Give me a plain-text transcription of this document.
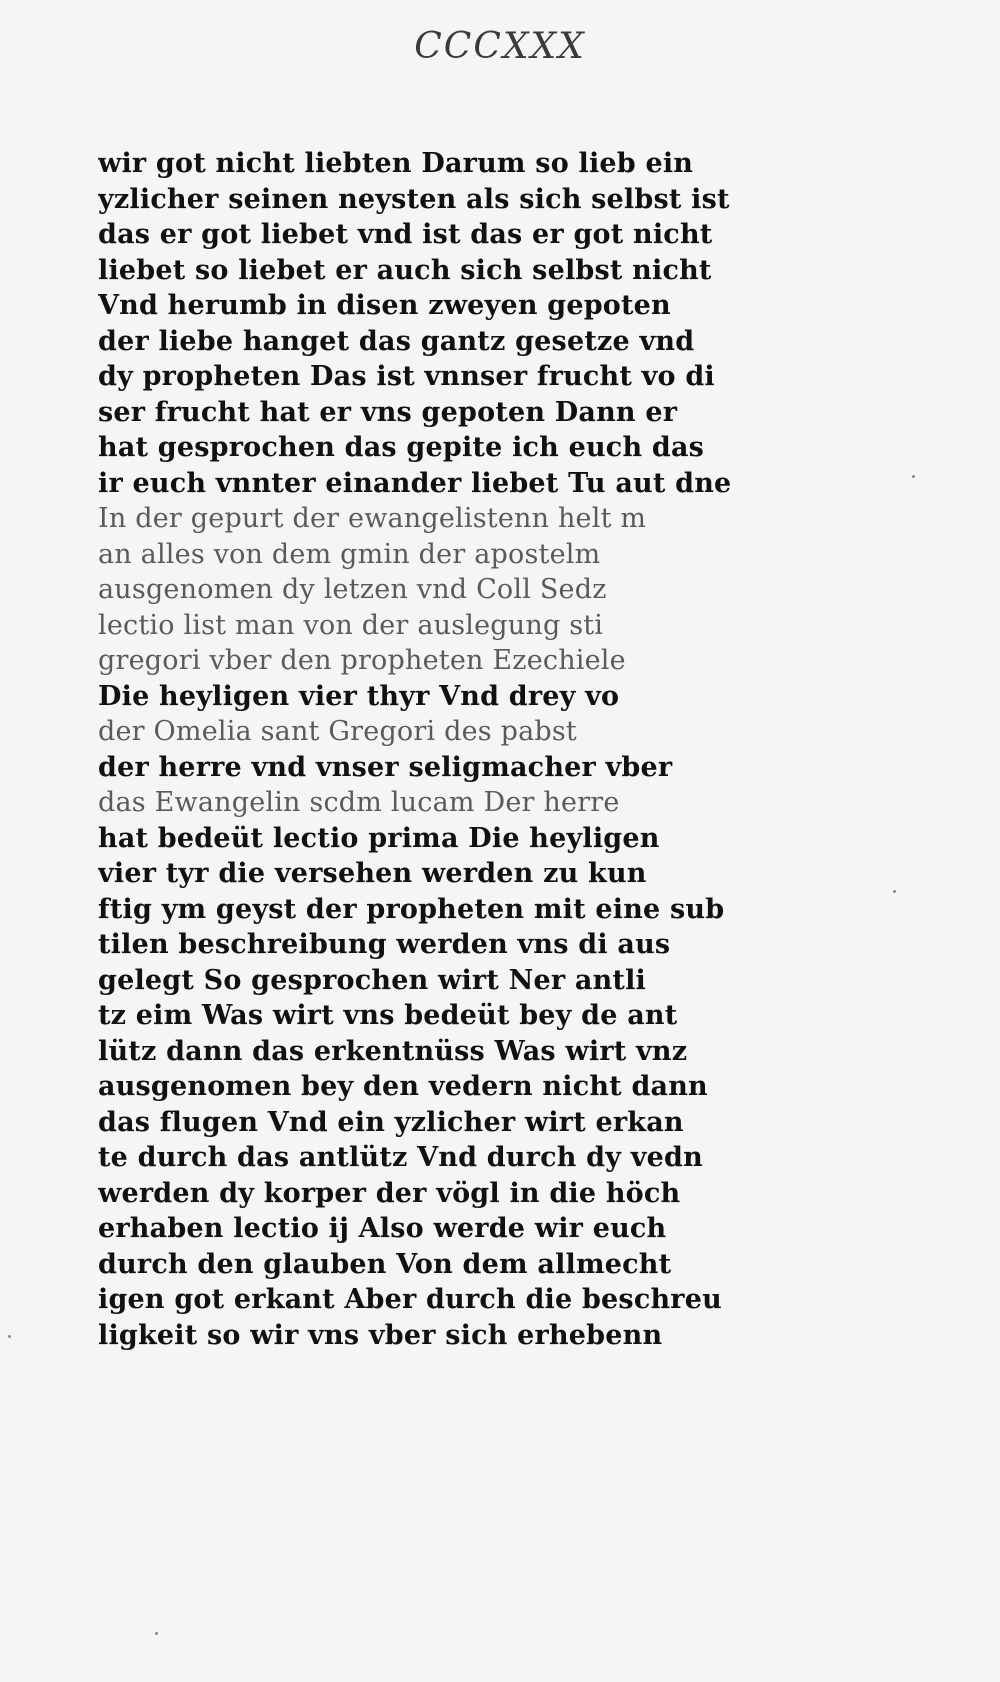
CCCXXX
wir got nicht liebten Darum so lieb ein
yzlicher seinen neysten als sich selbst ist
das er got liebet vnd ist das er got nicht
liebet so liebet er auch sich selbst nicht
Vnd herumb in disen zweyen gepoten
der liebe hanget das gantz gesetze vnd
dy propheten Das ist vnnser frucht vo di
ser frucht hat er vns gepoten Dann er
hat gesprochen das gepite ich euch das
ir euch vnnter einander liebet Tu aut dne
In der gepurt der ewangelistenn helt m
an alles von dem gmin der apostelm
ausgenomen dy letzen vnd Coll Sedz
lectio list man von der auslegung sti
gregori vber den propheten Ezechiele
Die heyligen vier thyr Vnd drey vo
der Omelia sant Gregori des pabst
der herre vnd vnser seligmacher vber
das Ewangelin scdm lucam Der herre
hat bedeüt lectio prima Die heyligen
vier tyr die versehen werden zu kun
ftig ym geyst der propheten mit eine sub
tilen beschreibung werden vns di aus
gelegt So gesprochen wirt Ner antli
tz eim Was wirt vns bedeüt bey de ant
lütz dann das erkentnüss Was wirt vnz
ausgenomen bey den vedern nicht dann
das flugen Vnd ein yzlicher wirt erkan
te durch das antlütz Vnd durch dy vedn
werden dy korper der vögl in die höch
erhaben lectio ij Also werde wir euch
durch den glauben Von dem allmecht
igen got erkant Aber durch die beschreu
ligkeit so wir vns vber sich erhebenn
